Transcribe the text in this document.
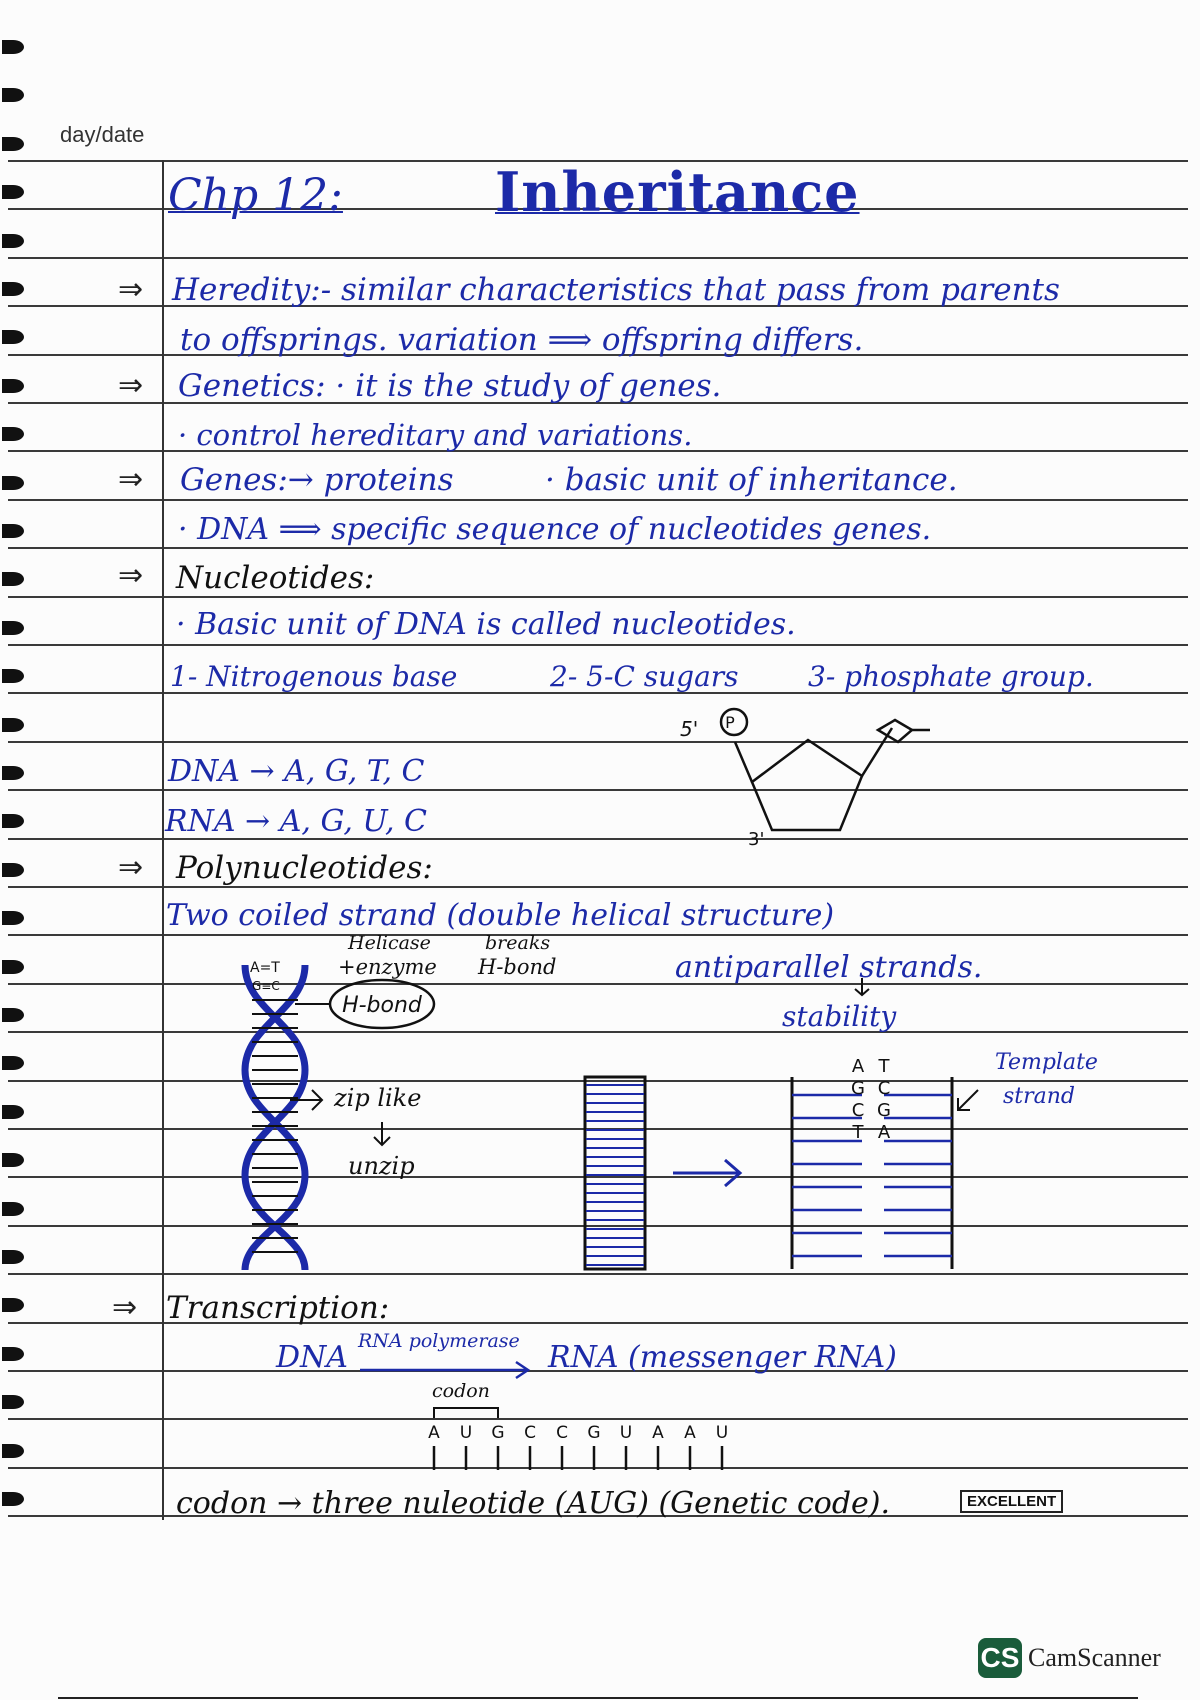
day/date
Chp 12:	Inheritance
⇒
⇒
⇒
⇒
⇒
⇒
Heredity:- similar characteristics that pass from parents
to offsprings. variation ⟹ offspring differs.
Genetics: · it is the study of genes.
· control hereditary and variations.
Genes:→ proteins	· basic unit of inheritance.
· DNA ⟹ specific sequence of nucleotides genes.
Nucleotides:
· Basic unit of DNA is called nucleotides.
1- Nitrogenous base	2- 5-C sugars 3- phosphate group.
DNA → A, G, T, C
RNA → A, G, U, C
Polynucleotides:
Two coiled strand (double helical structure)
Helicase
+enzyme
breaks
H-bond	antiparallel strands.
stability
zip like
unzip
Template
strand
Transcription:
DNA RNA polymerase RNA (messenger RNA)
codon
codon → three nuleotide (AUG) (Genetic code).
P
5'
3'
A=T
G≡C
H-bond
A T
G C
C G
T A
A U G C C G U A A U
EXCELLENT
CS CamScanner
